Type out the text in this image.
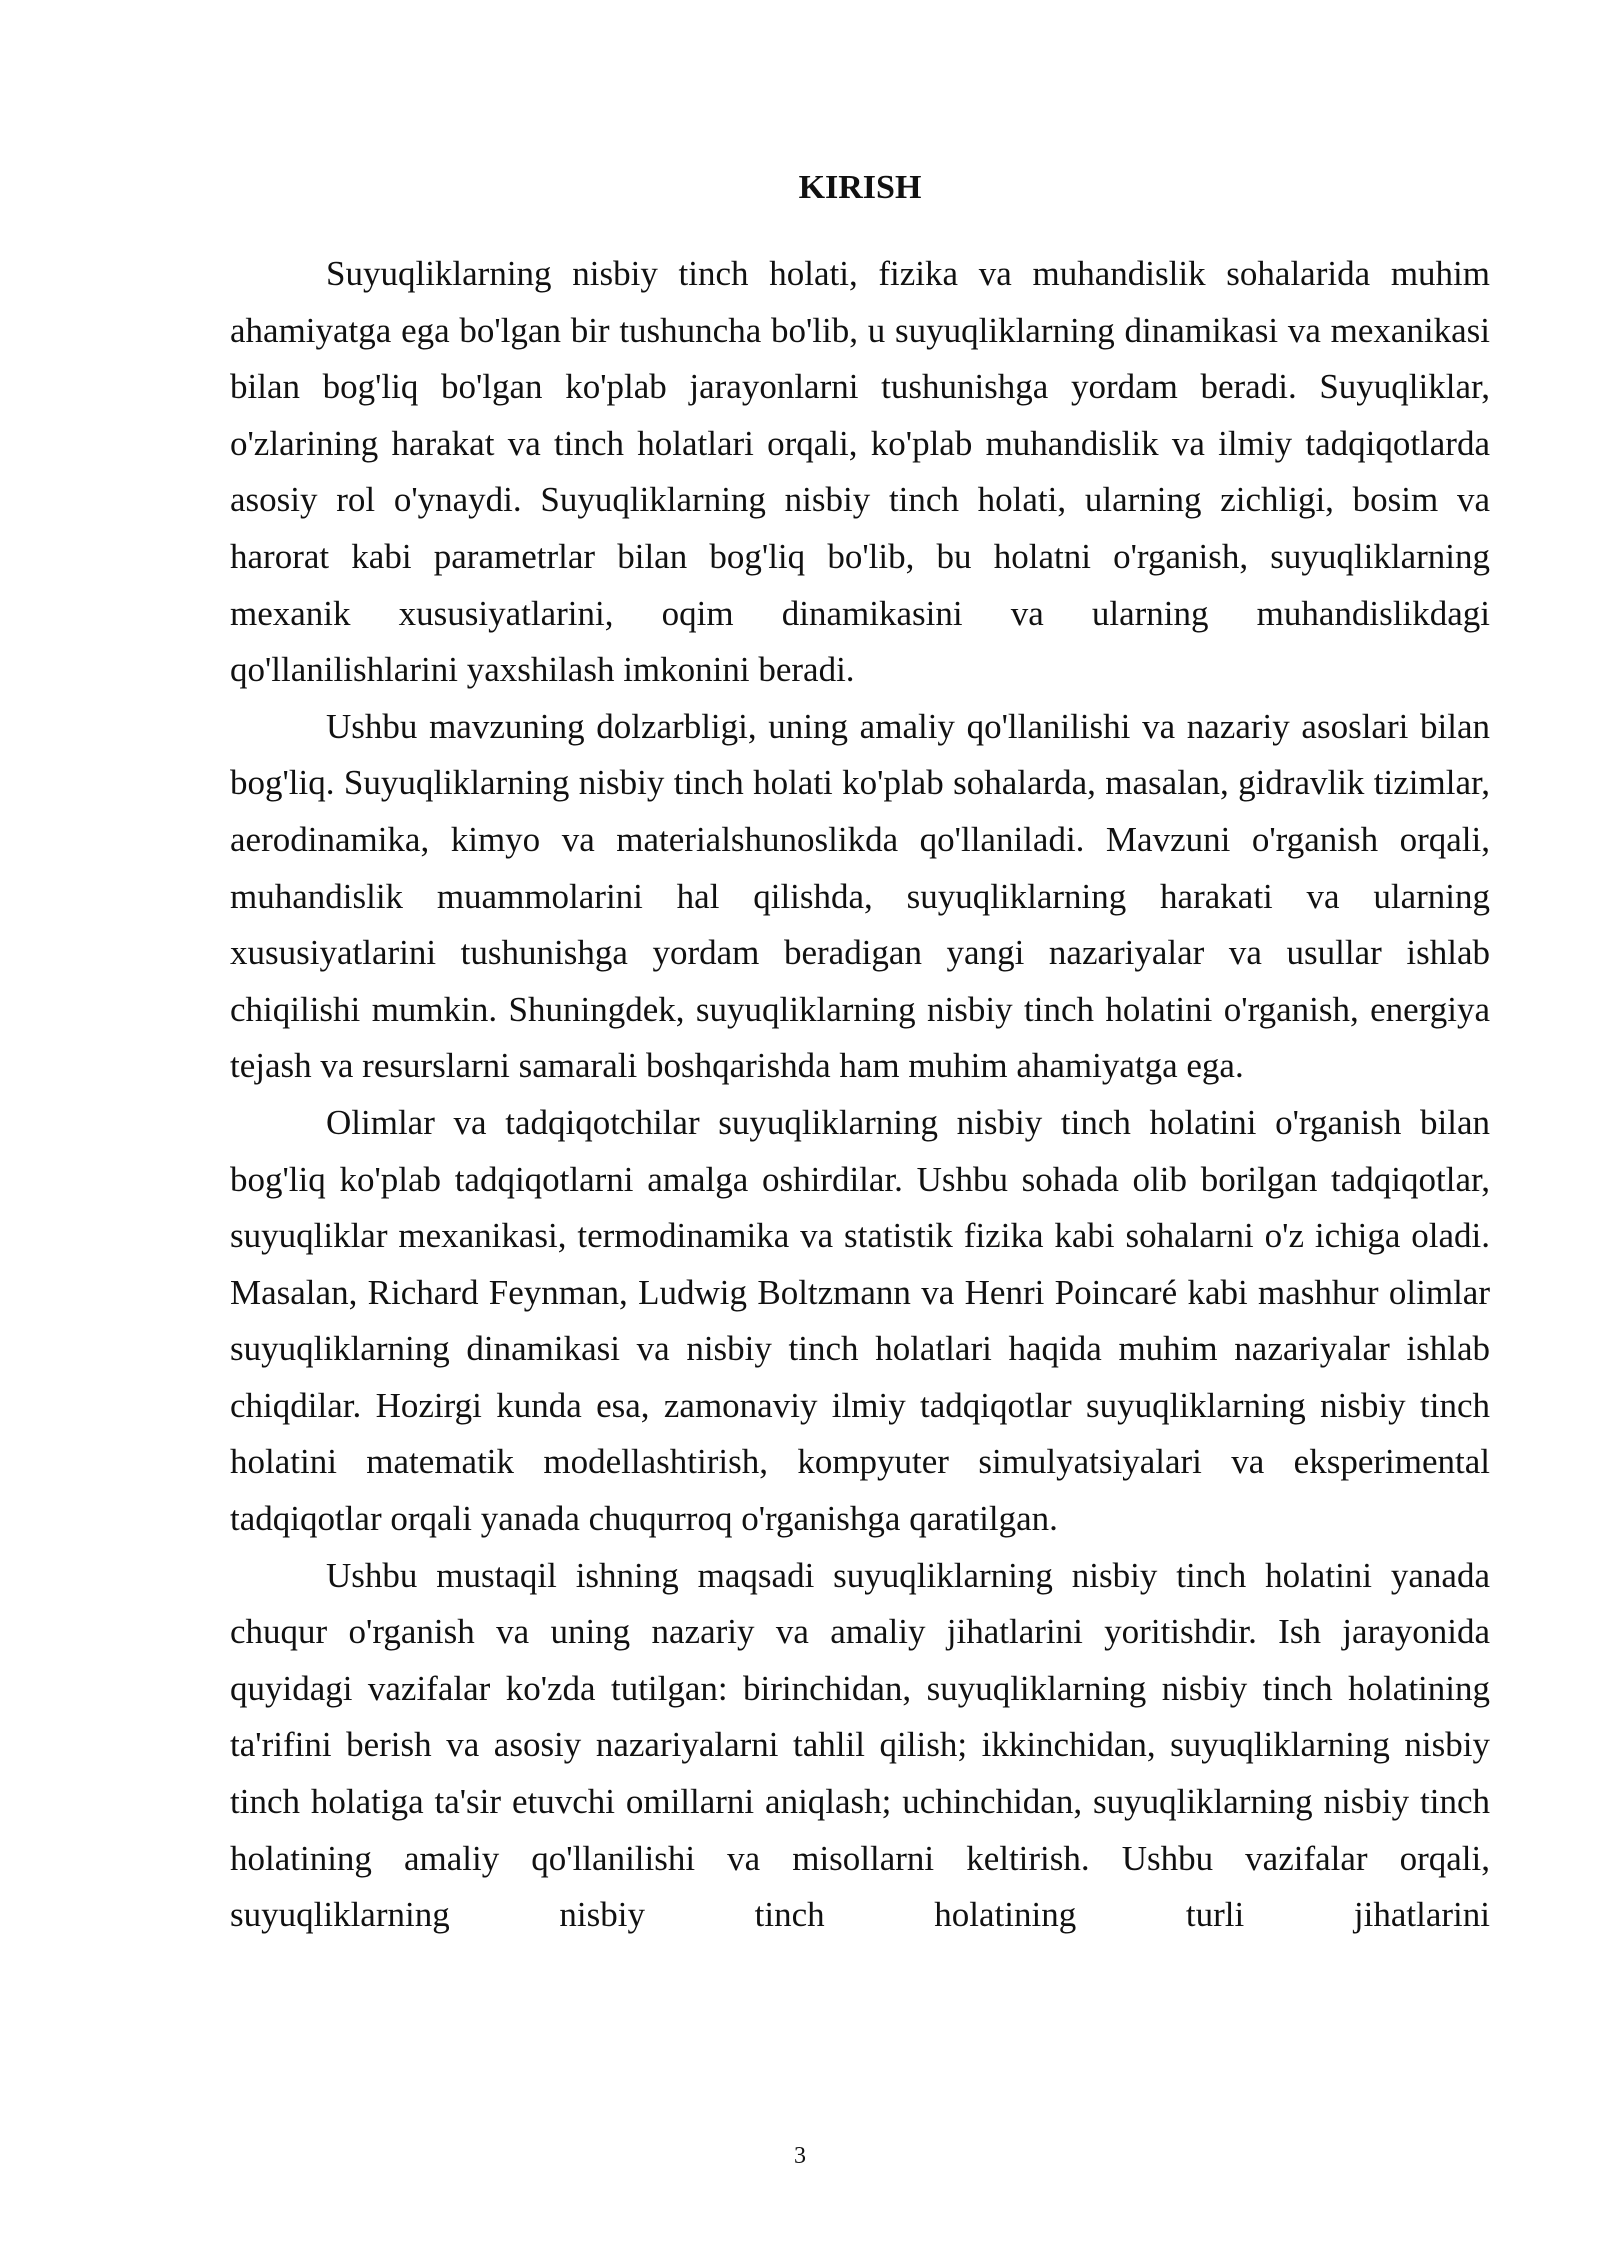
KIRISH

Suyuqliklarning nisbiy tinch holati, fizika va muhandislik sohalarida muhim ahamiyatga ega bo'lgan bir tushuncha bo'lib, u suyuqliklarning dinamikasi va mexanikasi bilan bog'liq bo'lgan ko'plab jarayonlarni tushunishga yordam beradi. Suyuqliklar, o'zlarining harakat va tinch holatlari orqali, ko'plab muhandislik va ilmiy tadqiqotlarda asosiy rol o'ynaydi. Suyuqliklarning nisbiy tinch holati, ularning zichligi, bosim va harorat kabi parametrlar bilan bog'liq bo'lib, bu holatni o'rganish, suyuqliklarning mexanik xususiyatlarini, oqim dinamikasini va ularning muhandislikdagi qo'llanilishlarini yaxshilash imkonini beradi.

Ushbu mavzuning dolzarbligi, uning amaliy qo'llanilishi va nazariy asoslari bilan bog'liq. Suyuqliklarning nisbiy tinch holati ko'plab sohalarda, masalan, gidravlik tizimlar, aerodinamika, kimyo va materialshunoslikda qo'llaniladi. Mavzuni o'rganish orqali, muhandislik muammolarini hal qilishda, suyuqliklarning harakati va ularning xususiyatlarini tushunishga yordam beradigan yangi nazariyalar va usullar ishlab chiqilishi mumkin. Shuningdek, suyuqliklarning nisbiy tinch holatini o'rganish, energiya tejash va resurslarni samarali boshqarishda ham muhim ahamiyatga ega.

Olimlar va tadqiqotchilar suyuqliklarning nisbiy tinch holatini o'rganish bilan bog'liq ko'plab tadqiqotlarni amalga oshirdilar. Ushbu sohada olib borilgan tadqiqotlar, suyuqliklar mexanikasi, termodinamika va statistik fizika kabi sohalarni o'z ichiga oladi. Masalan, Richard Feynman, Ludwig Boltzmann va Henri Poincaré kabi mashhur olimlar suyuqliklarning dinamikasi va nisbiy tinch holatlari haqida muhim nazariyalar ishlab chiqdilar. Hozirgi kunda esa, zamonaviy ilmiy tadqiqotlar suyuqliklarning nisbiy tinch holatini matematik modellashtirish, kompyuter simulyatsiyalari va eksperimental tadqiqotlar orqali yanada chuqurroq o'rganishga qaratilgan.

Ushbu mustaqil ishning maqsadi suyuqliklarning nisbiy tinch holatini yanada chuqur o'rganish va uning nazariy va amaliy jihatlarini yoritishdir. Ish jarayonida quyidagi vazifalar ko'zda tutilgan: birinchidan, suyuqliklarning nisbiy tinch holatining ta'rifini berish va asosiy nazariyalarni tahlil qilish; ikkinchidan, suyuqliklarning nisbiy tinch holatiga ta'sir etuvchi omillarni aniqlash; uchinchidan, suyuqliklarning nisbiy tinch holatining amaliy qo'llanilishi va misollarni keltirish. Ushbu vazifalar orqali, suyuqliklarning nisbiy tinch holatining turli jihatlarini

3
